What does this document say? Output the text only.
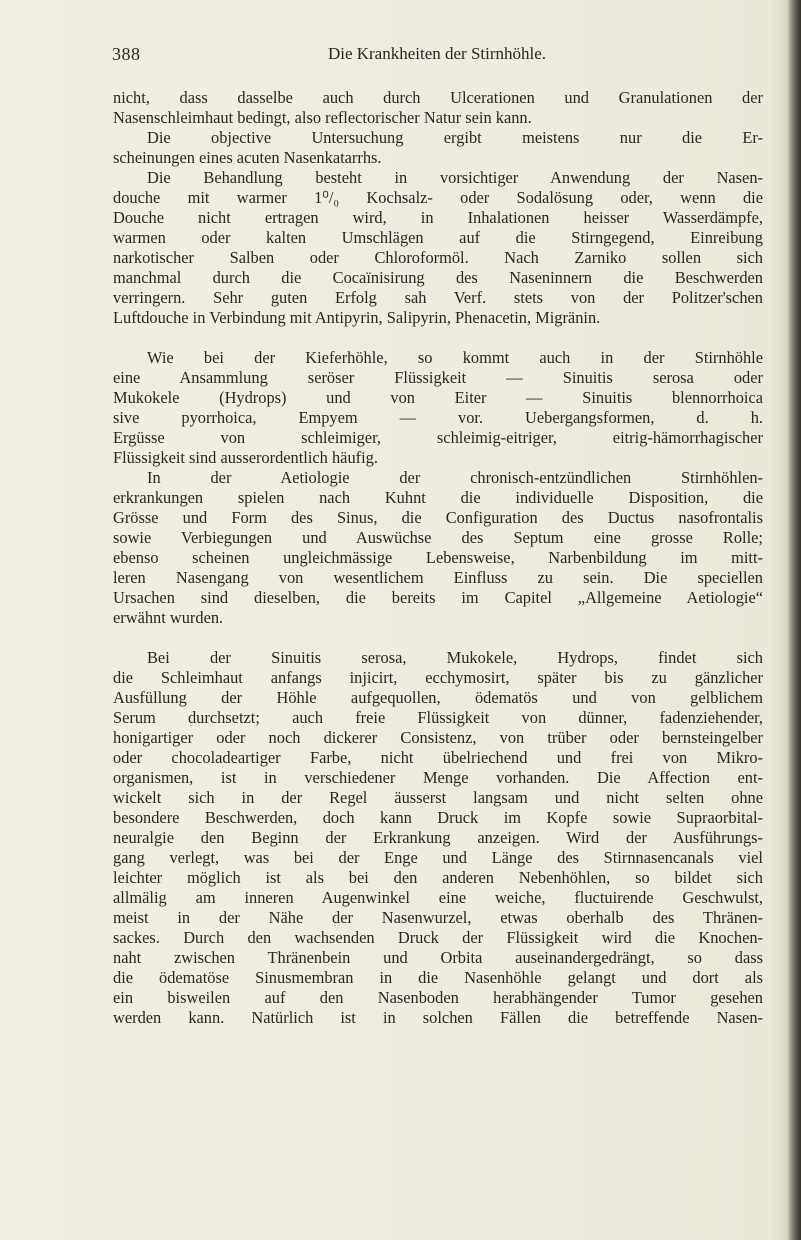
388	Die Krankheiten der Stirnhöhle.
nicht, dass dasselbe auch durch Ulcerationen und Granulationen der
Nasenschleimhaut bedingt, also reflectorischer Natur sein kann.
Die objective Untersuchung ergibt meistens nur die Er-
scheinungen eines acuten Nasenkatarrhs.
Die Behandlung besteht in vorsichtiger Anwendung der Nasen-
douche mit warmer 1⁰/₀ Kochsalz- oder Sodalösung oder, wenn die
Douche nicht ertragen wird, in Inhalationen heisser Wasserdämpfe,
warmen oder kalten Umschlägen auf die Stirngegend, Einreibung
narkotischer Salben oder Chloroformöl. Nach Zarniko sollen sich
manchmal durch die Cocaïnisirung des Naseninnern die Beschwerden
verringern. Sehr guten Erfolg sah Verf. stets von der Politzer'schen
Luftdouche in Verbindung mit Antipyrin, Salipyrin, Phenacetin, Migränin.
Wie bei der Kieferhöhle, so kommt auch in der Stirnhöhle
eine Ansammlung seröser Flüssigkeit — Sinuitis serosa oder
Mukokele (Hydrops) und von Eiter — Sinuitis blennorrhoica
sive pyorrhoica, Empyem — vor. Uebergangsformen, d. h.
Ergüsse von schleimiger, schleimig-eitriger, eitrig-hämorrhagischer
Flüssigkeit sind ausserordentlich häufig.
In der Aetiologie der chronisch-entzündlichen Stirnhöhlen-
erkrankungen spielen nach Kuhnt die individuelle Disposition, die
Grösse und Form des Sinus, die Configuration des Ductus nasofrontalis
sowie Verbiegungen und Auswüchse des Septum eine grosse Rolle;
ebenso scheinen ungleichmässige Lebensweise, Narbenbildung im mitt-
leren Nasengang von wesentlichem Einfluss zu sein. Die speciellen
Ursachen sind dieselben, die bereits im Capitel „Allgemeine Aetiologie“
erwähnt wurden.
Bei der Sinuitis serosa, Mukokele, Hydrops, findet sich
die Schleimhaut anfangs injicirt, ecchymosirt, später bis zu gänzlicher
Ausfüllung der Höhle aufgequollen, ödematös und von gelblichem
Serum durchsetzt; auch freie Flüssigkeit von dünner, fadenziehender,
honigartiger oder noch dickerer Consistenz, von trüber oder bernsteingelber
oder chocoladeartiger Farbe, nicht übelriechend und frei von Mikro-
organismen, ist in verschiedener Menge vorhanden. Die Affection ent-
wickelt sich in der Regel äusserst langsam und nicht selten ohne
besondere Beschwerden, doch kann Druck im Kopfe sowie Supraorbital-
neuralgie den Beginn der Erkrankung anzeigen. Wird der Ausführungs-
gang verlegt, was bei der Enge und Länge des Stirnnasencanals viel
leichter möglich ist als bei den anderen Nebenhöhlen, so bildet sich
allmälig am inneren Augenwinkel eine weiche, fluctuirende Geschwulst,
meist in der Nähe der Nasenwurzel, etwas oberhalb des Thränen-
sackes. Durch den wachsenden Druck der Flüssigkeit wird die Knochen-
naht zwischen Thränenbein und Orbita auseinandergedrängt, so dass
die ödematöse Sinusmembran in die Nasenhöhle gelangt und dort als
ein bisweilen auf den Nasenboden herabhängender Tumor gesehen
werden kann. Natürlich ist in solchen Fällen die betreffende Nasen-
